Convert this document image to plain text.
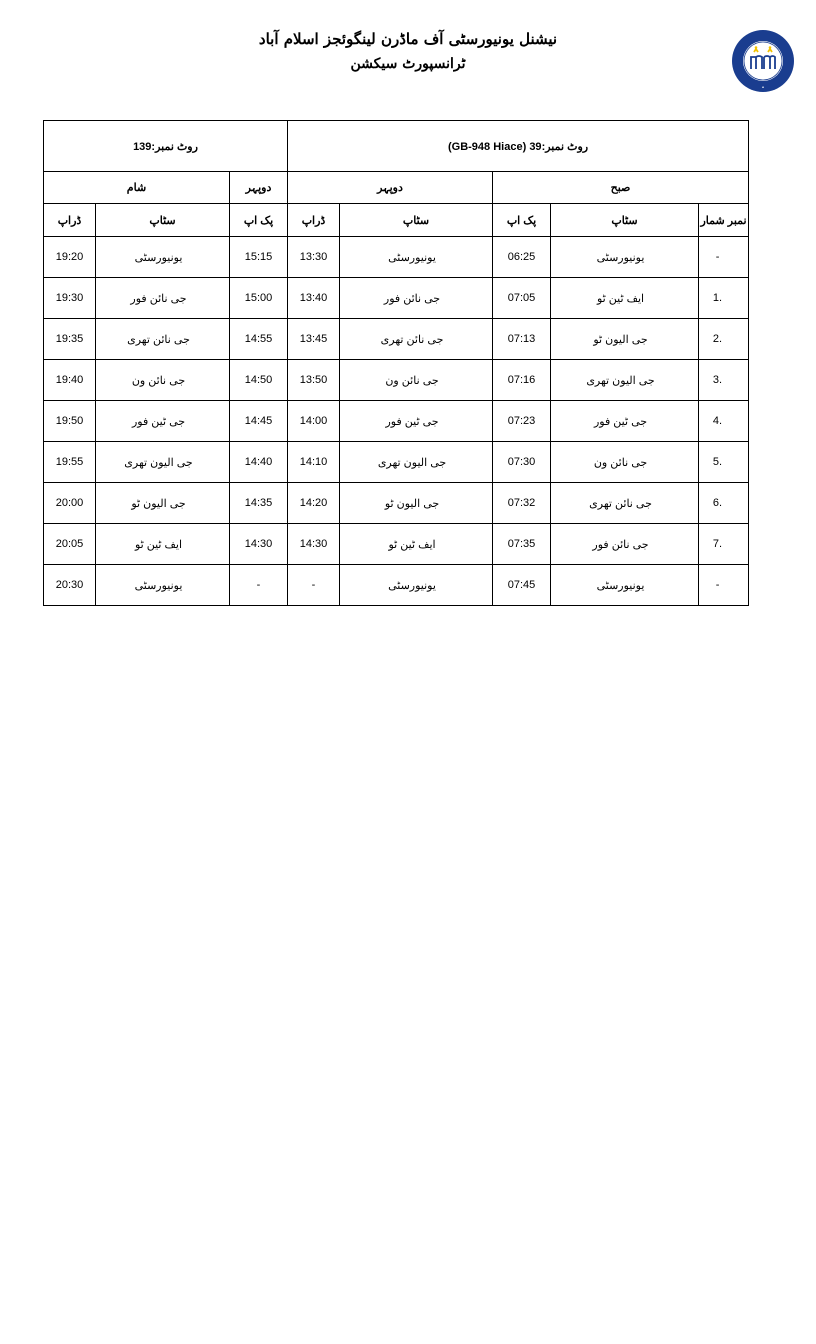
نیشنل یونیورسٹی آف ماڈرن لینگوئجز اسلام آباد
ٹرانسپورٹ سیکشن
★
روٹ نمبر:139			روٹ نمبر:39 (GB-948 Hiace)				
شام		دوپہر	دوپہر		صبح		
ڈراپ	سٹاپ	پک اپ	ڈراپ	سٹاپ	پک اپ	سٹاپ	نمبر شمار
19:20	یونیورسٹی	15:15	13:30	یونیورسٹی	06:25	یونیورسٹی	-
19:30	جی نائن فور	15:00	13:40	جی نائن فور	07:05	ایف ٹین ٹو	1.
19:35	جی نائن تھری	14:55	13:45	جی نائن تھری	07:13	جی الیون ٹو	2.
19:40	جی نائن ون	14:50	13:50	جی نائن ون	07:16	جی الیون تھری	3.
19:50	جی ٹین فور	14:45	14:00	جی ٹین فور	07:23	جی ٹین فور	4.
19:55	جی الیون تھری	14:40	14:10	جی الیون تھری	07:30	جی نائن ون	5.
20:00	جی الیون ٹو	14:35	14:20	جی الیون ٹو	07:32	جی نائن تھری	6.
20:05	ایف ٹین ٹو	14:30	14:30	ایف ٹین ٹو	07:35	جی نائن فور	7.
20:30	یونیورسٹی	-	-	یونیورسٹی	07:45	یونیورسٹی	-
